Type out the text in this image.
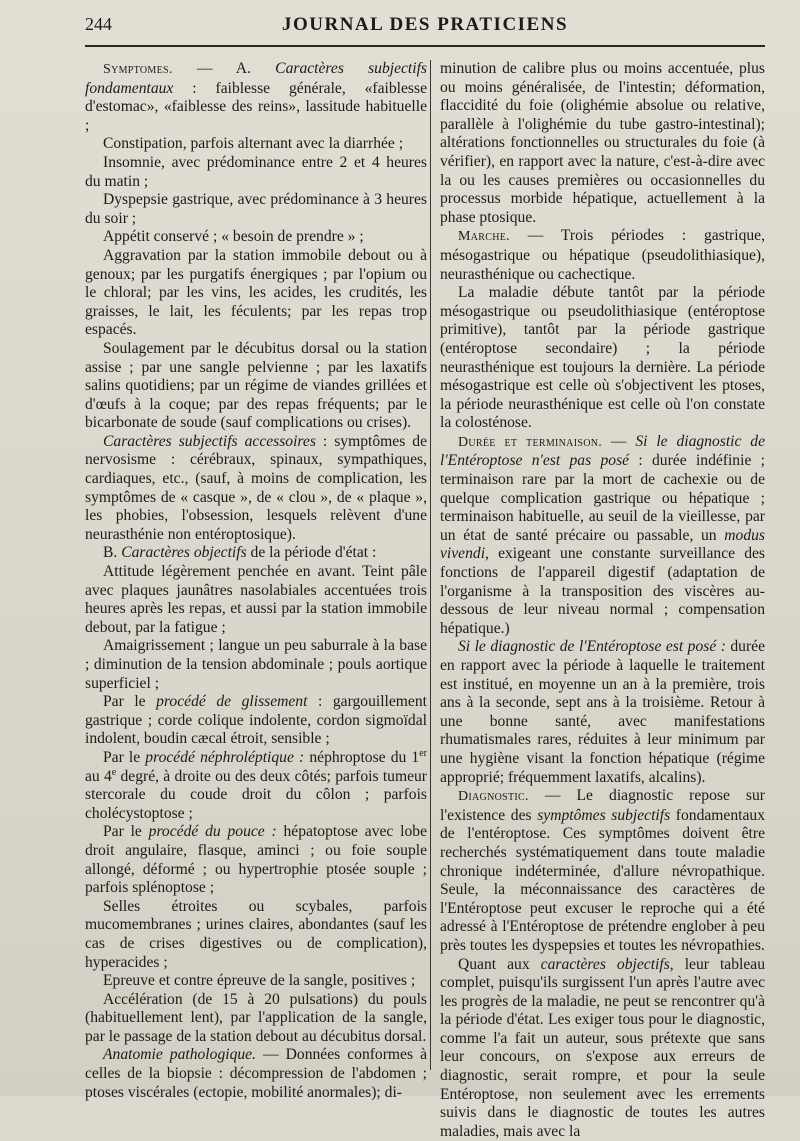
244	JOURNAL DES PRATICIENS

Symptomes. — A. Caractères subjectifs fondamentaux : faiblesse générale, «faiblesse d'estomac», «faiblesse des reins», lassitude habituelle ;

Constipation, parfois alternant avec la diarrhée ;

Insomnie, avec prédominance entre 2 et 4 heures du matin ;

Dyspepsie gastrique, avec prédominance à 3 heures du soir ;

Appétit conservé ; « besoin de prendre » ;

Aggravation par la station immobile debout ou à genoux; par les purgatifs énergiques ; par l'opium ou le chloral; par les vins, les acides, les crudités, les graisses, le lait, les féculents; par les repas trop espacés.

Soulagement par le décubitus dorsal ou la station assise ; par une sangle pelvienne ; par les laxatifs salins quotidiens; par un régime de viandes grillées et d'œufs à la coque; par des repas fréquents; par le bicarbonate de soude (sauf complications ou crises).

Caractères subjectifs accessoires : symptômes de nervosisme : cérébraux, spinaux, sympathiques, cardiaques, etc., (sauf, à moins de complication, les symptômes de « casque », de « clou », de « plaque », les phobies, l'obsession, lesquels relèvent d'une neurasthénie non entéroptosique).

B. Caractères objectifs de la période d'état :

Attitude légèrement penchée en avant. Teint pâle avec plaques jaunâtres nasolabiales accentuées trois heures après les repas, et aussi par la station immobile debout, par la fatigue ;

Amaigrissement ; langue un peu saburrale à la base ; diminution de la tension abdominale ; pouls aortique superficiel ;

Par le procédé de glissement : gargouillement gastrique ; corde colique indolente, cordon sigmoïdal indolent, boudin cæcal étroit, sensible ;

Par le procédé néphroléptique : néphroptose du 1er au 4e degré, à droite ou des deux côtés; parfois tumeur stercorale du coude droit du côlon ; parfois cholécystoptose ;

Par le procédé du pouce : hépatoptose avec lobe droit angulaire, flasque, aminci ; ou foie souple allongé, déformé ; ou hypertrophie ptosée souple ; parfois splénoptose ;

Selles étroites ou scybales, parfois mucomembranes ; urines claires, abondantes (sauf les cas de crises digestives ou de complication), hyperacides ;

Epreuve et contre épreuve de la sangle, positives ;

Accélération (de 15 à 20 pulsations) du pouls (habituellement lent), par l'application de la sangle, par le passage de la station debout au décubitus dorsal.

Anatomie pathologique. — Données conformes à celles de la biopsie : décompression de l'abdomen ; ptoses viscérales (ectopie, mobilité anormales); di-

minution de calibre plus ou moins accentuée, plus ou moins généralisée, de l'intestin; déformation, flaccidité du foie (olighémie absolue ou relative, parallèle à l'olighémie du tube gastro-intestinal); altérations fonctionnelles ou structurales du foie (à vérifier), en rapport avec la nature, c'est-à-dire avec la ou les causes premières ou occasionnelles du processus morbide hépatique, actuellement à la phase ptosique.

Marche. — Trois périodes : gastrique, mésogastrique ou hépatique (pseudolithiasique), neurasthénique ou cachectique.

La maladie débute tantôt par la période mésogastrique ou pseudolithiasique (entéroptose primitive), tantôt par la période gastrique (entéroptose secondaire) ; la période neurasthénique est toujours la dernière. La période mésogastrique est celle où s'objectivent les ptoses, la période neurasthénique est celle où l'on constate la colosténose.

Durée et terminaison. — Si le diagnostic de l'Entéroptose n'est pas posé : durée indéfinie ; terminaison rare par la mort de cachexie ou de quelque complication gastrique ou hépatique ; terminaison habituelle, au seuil de la vieillesse, par un état de santé précaire ou passable, un modus vivendi, exigeant une constante surveillance des fonctions de l'appareil digestif (adaptation de l'organisme à la transposition des viscères au-dessous de leur niveau normal ; compensation hépatique.)

Si le diagnostic de l'Entéroptose est posé : durée en rapport avec la période à laquelle le traitement est institué, en moyenne un an à la première, trois ans à la seconde, sept ans à la troisième. Retour à une bonne santé, avec manifestations rhumatismales rares, réduites à leur minimum par une hygiène visant la fonction hépatique (régime approprié; fréquemment laxatifs, alcalins).

Diagnostic. — Le diagnostic repose sur l'existence des symptômes subjectifs fondamentaux de l'entéroptose. Ces symptômes doivent être recherchés systématiquement dans toute maladie chronique indéterminée, d'allure névropathique. Seule, la méconnaissance des caractères de l'Entéroptose peut excuser le reproche qui a été adressé à l'Entéroptose de prétendre englober à peu près toutes les dyspepsies et toutes les névropathies.

Quant aux caractères objectifs, leur tableau complet, puisqu'ils surgissent l'un après l'autre avec les progrès de la maladie, ne peut se rencontrer qu'à la période d'état. Les exiger tous pour le diagnostic, comme l'a fait un auteur, sous prétexte que sans leur concours, on s'expose aux erreurs de diagnostic, serait rompre, et pour la seule Entéroptose, non seulement avec les errements suivis dans le diagnostic de toutes les autres maladies, mais avec la
